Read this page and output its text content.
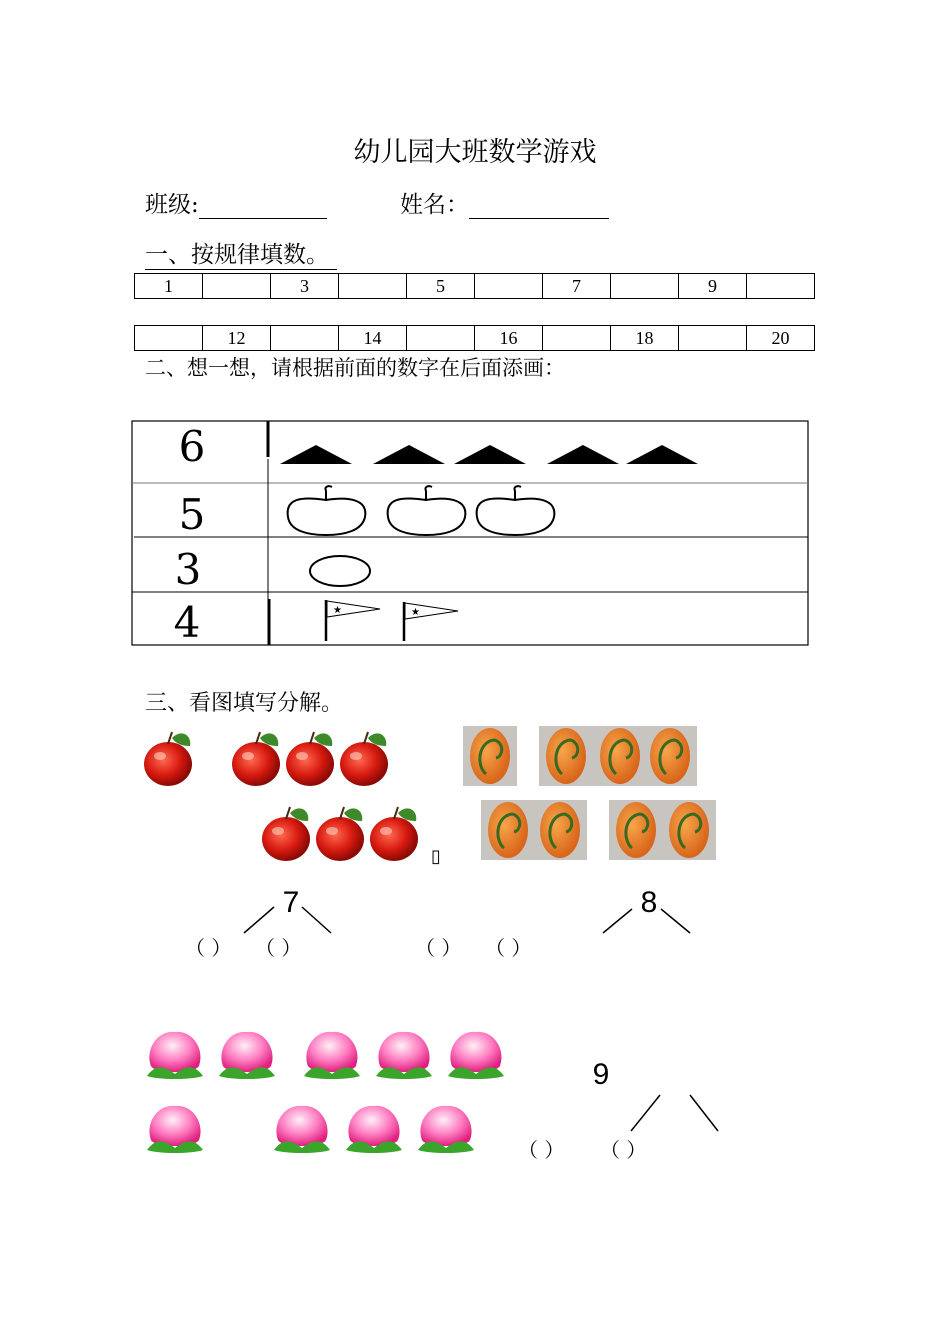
幼儿园大班数学游戏
班级:	姓名：
一、按规律填数。
1		3		5		7		9	
	12		14		16		18		20
二、想一想，请根据前面的数字在后面添画：
6
5
3
4	★	★
三、看图填写分解。
▯
7
（ ） （ ）
8
（ ） （ ）
9
（ ） （ ）
